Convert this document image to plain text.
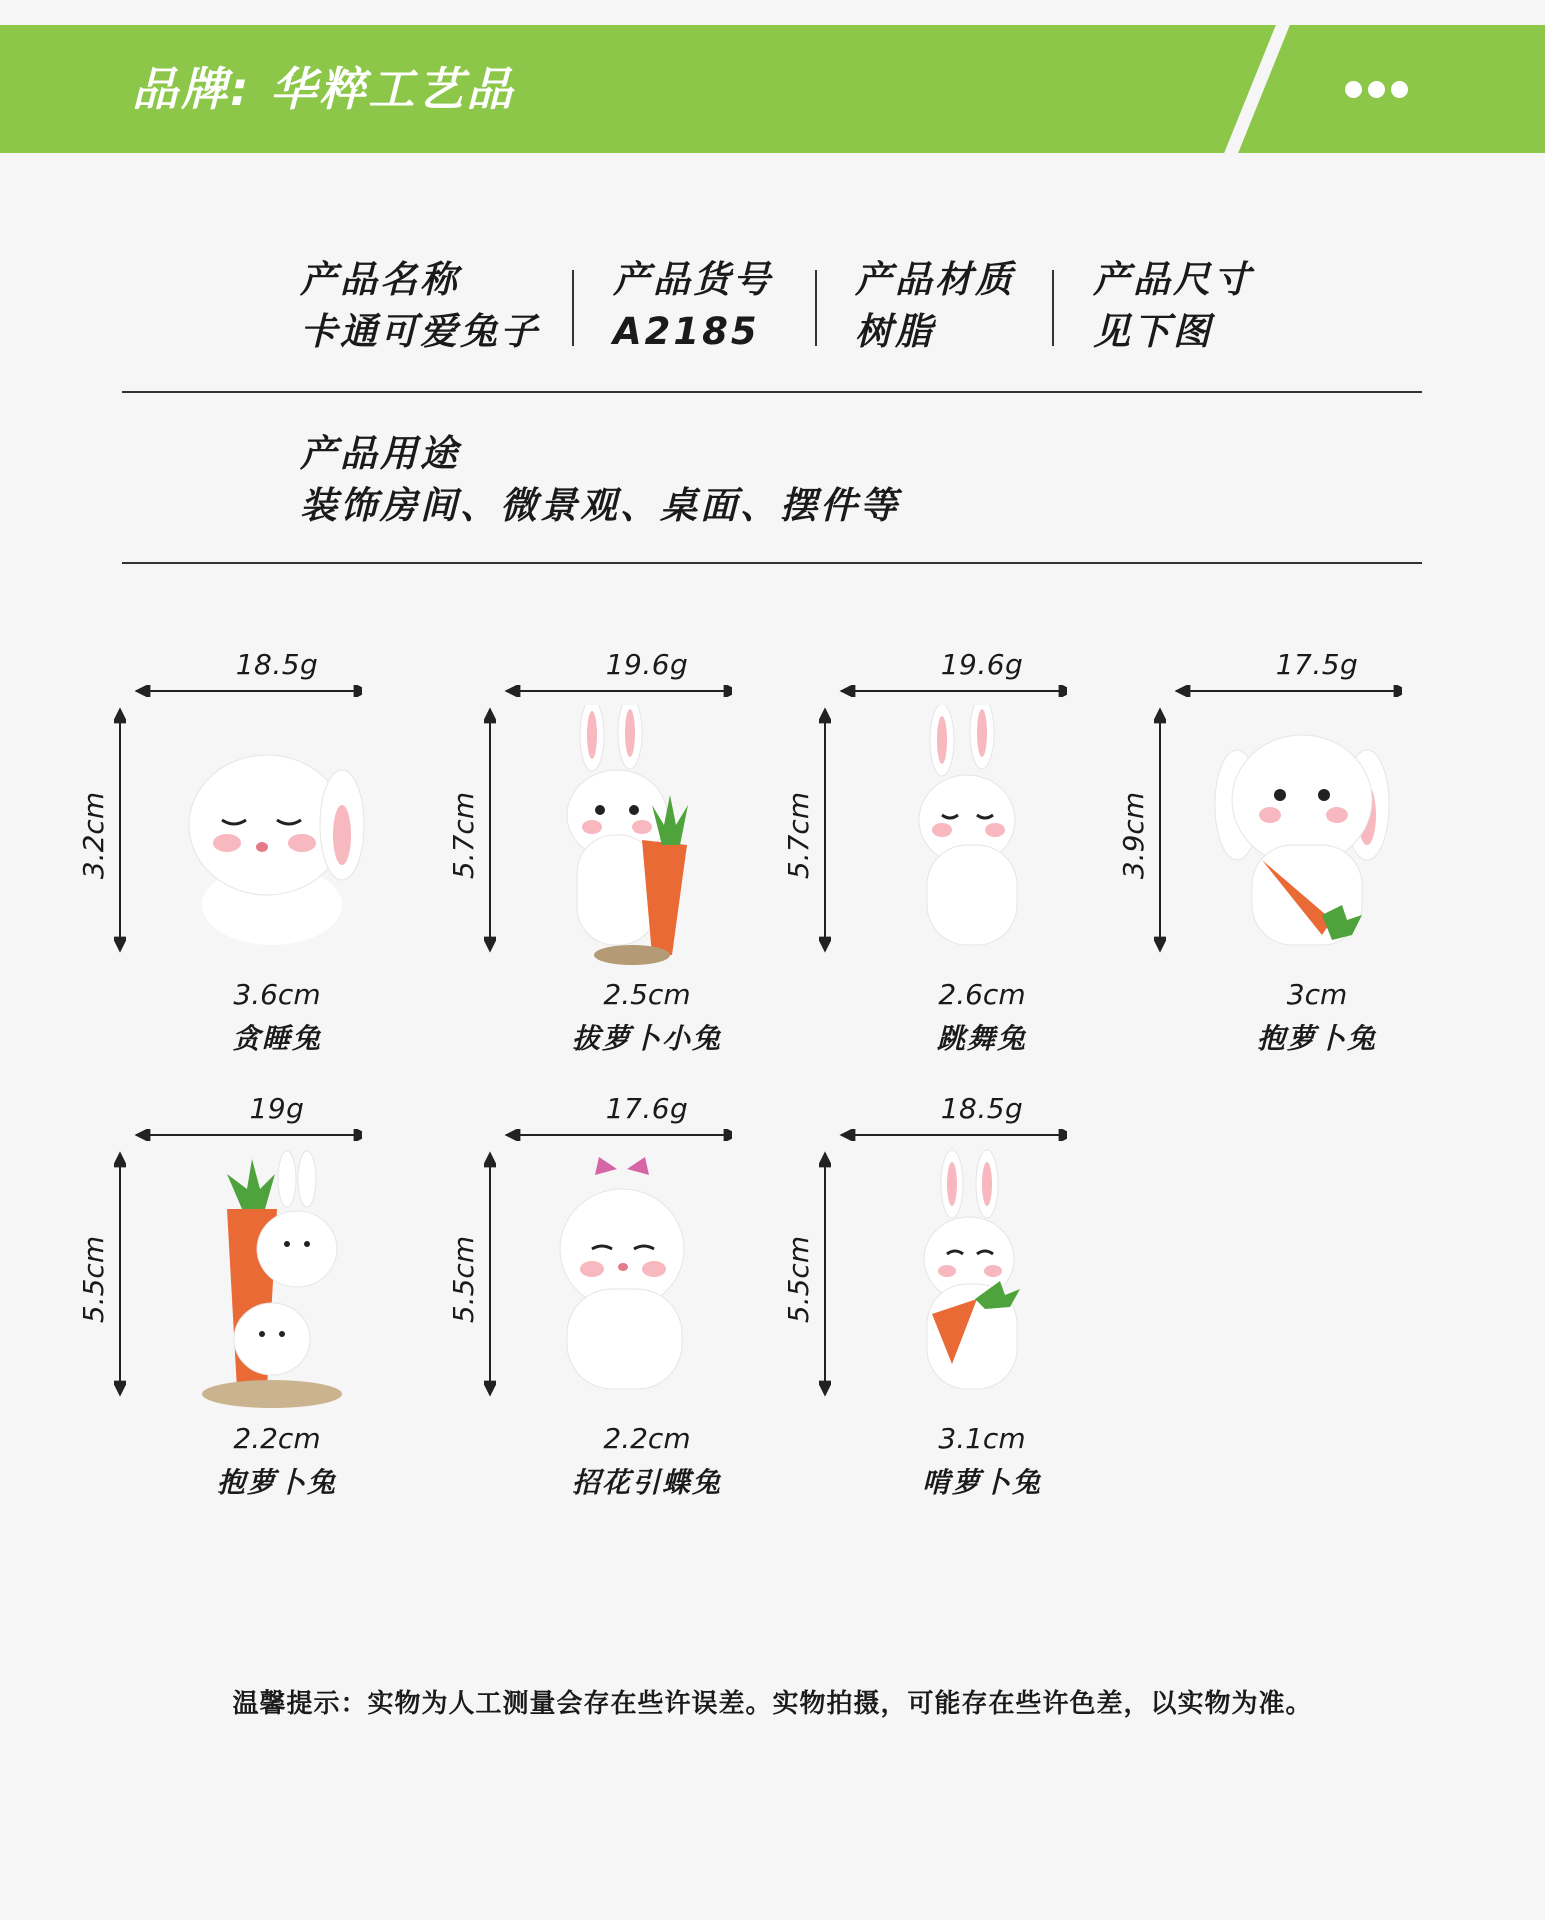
品牌: 华粹工艺品
产品名称
卡通可爱兔子
产品货号
A2185
产品材质
树脂
产品尺寸
见下图
产品用途
装饰房间、微景观、桌面、摆件等
18.5g
3.2cm
3.6cm
贪睡兔
19.6g
5.7cm
2.5cm
拔萝卜小兔
19.6g
5.7cm
2.6cm
跳舞兔
17.5g
3.9cm
3cm
抱萝卜兔
19g
5.5cm
2.2cm
抱萝卜兔
17.6g
5.5cm
2.2cm
招花引蝶兔
18.5g
5.5cm
3.1cm
啃萝卜兔
温馨提示：实物为人工测量会存在些许误差。实物拍摄，可能存在些许色差，以实物为准。
